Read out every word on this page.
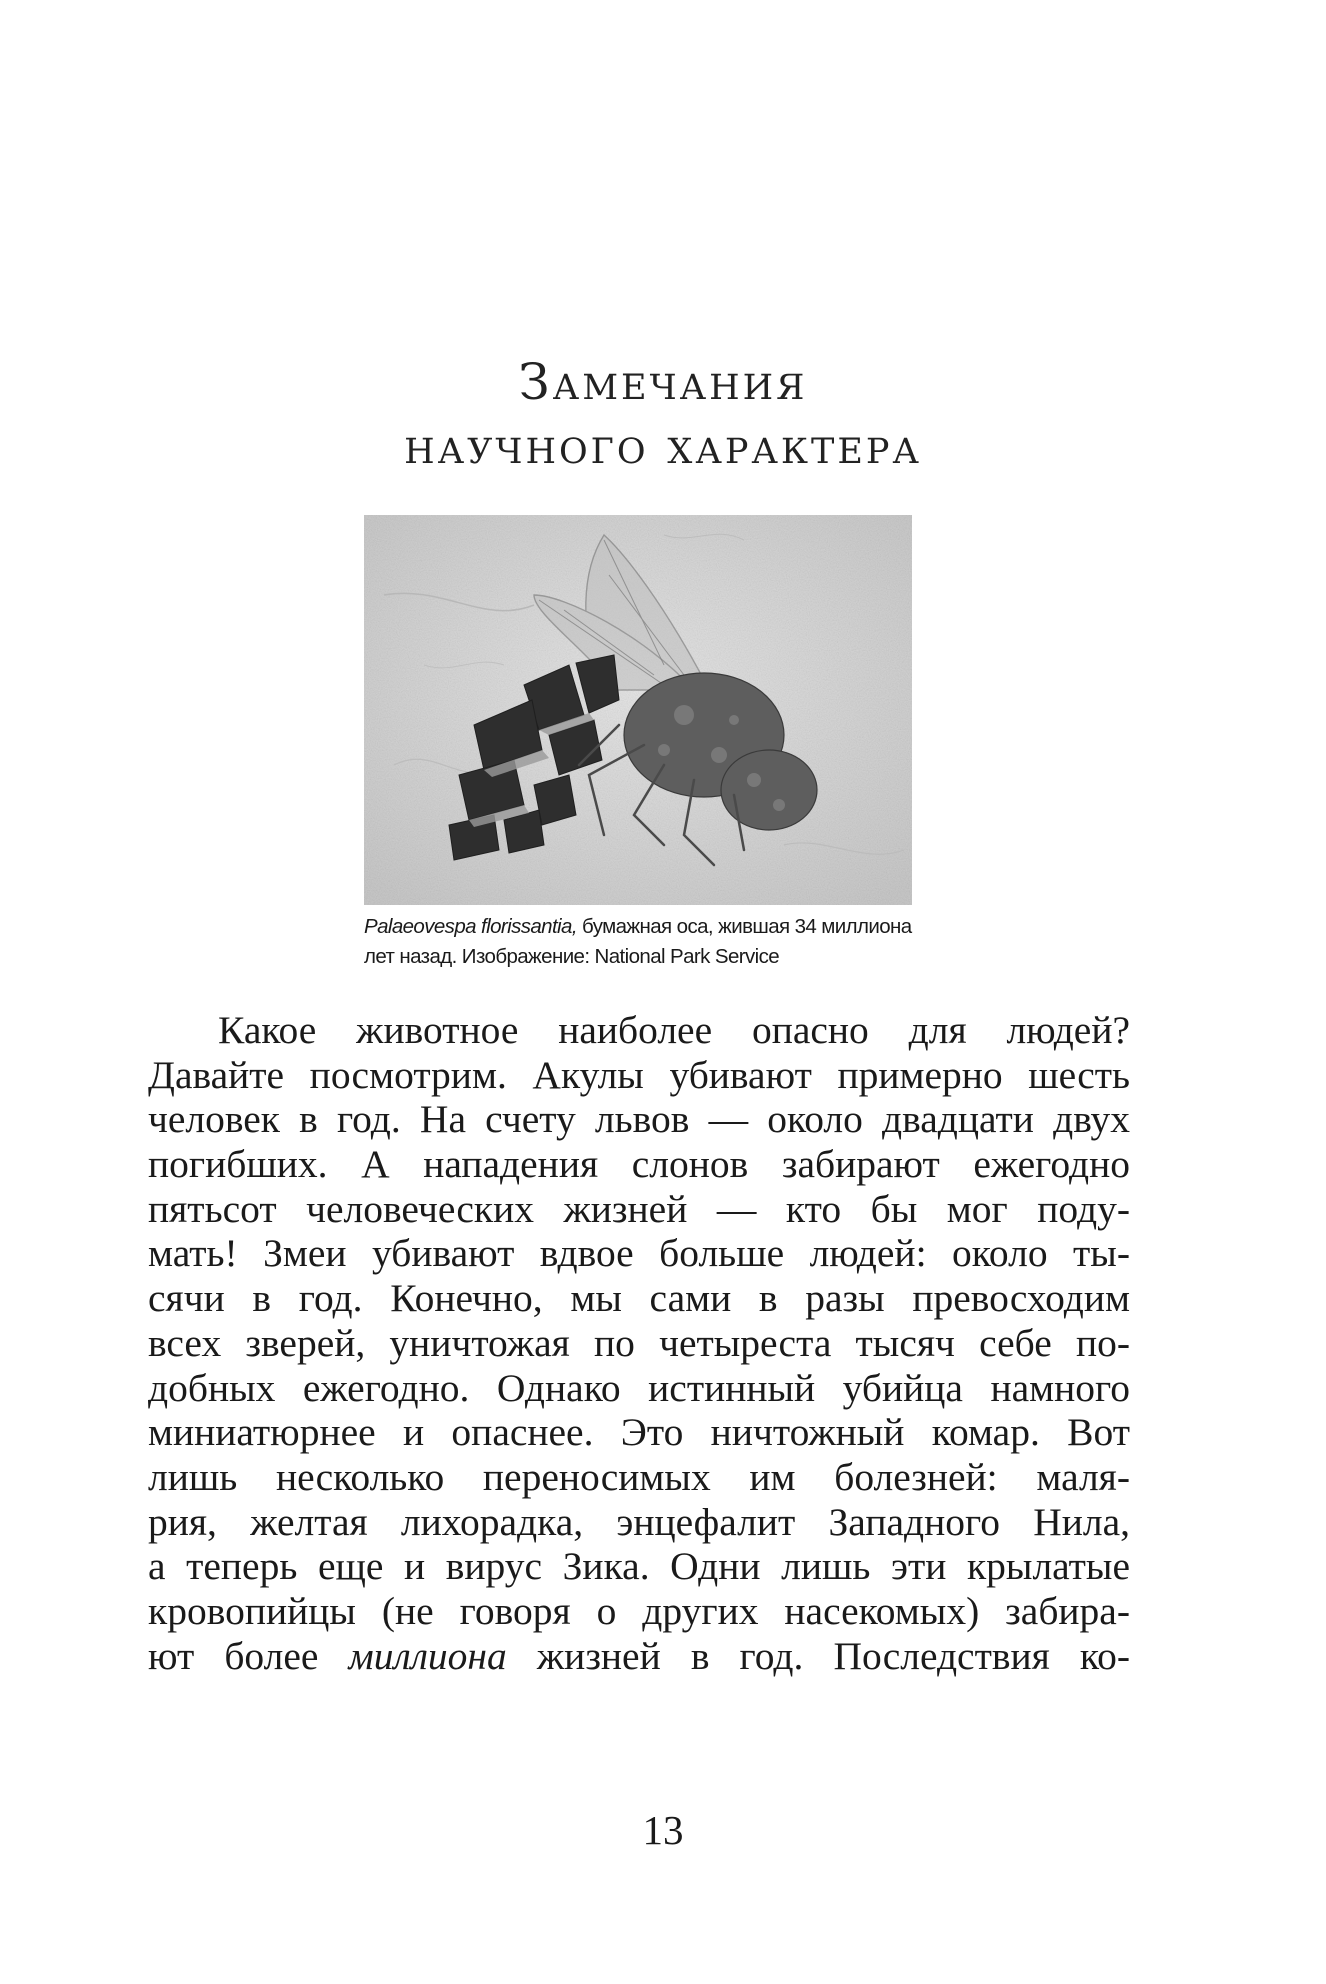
Замечания
научного характера
Palaeovespa florissantia, бумажная оса, жившая 34 миллиона
лет назад. Изображение: National Park Service
Какое животное наиболее опасно для людей?
Давайте посмотрим. Акулы убивают примерно шесть
человек в год. На счету львов — около двадцати двух
погибших. А нападения слонов забирают ежегодно
пятьсот человеческих жизней — кто бы мог поду-
мать! Змеи убивают вдвое больше людей: около ты-
сячи в год. Конечно, мы сами в разы превосходим
всех зверей, уничтожая по четыреста тысяч себе по-
добных ежегодно. Однако истинный убийца намного
миниатюрнее и опаснее. Это ничтожный комар. Вот
лишь несколько переносимых им болезней: маля-
рия, желтая лихорадка, энцефалит Западного Нила,
а теперь еще и вирус Зика. Одни лишь эти крылатые
кровопийцы (не говоря о других насекомых) забира-
ют более миллиона жизней в год. Последствия ко-
13
